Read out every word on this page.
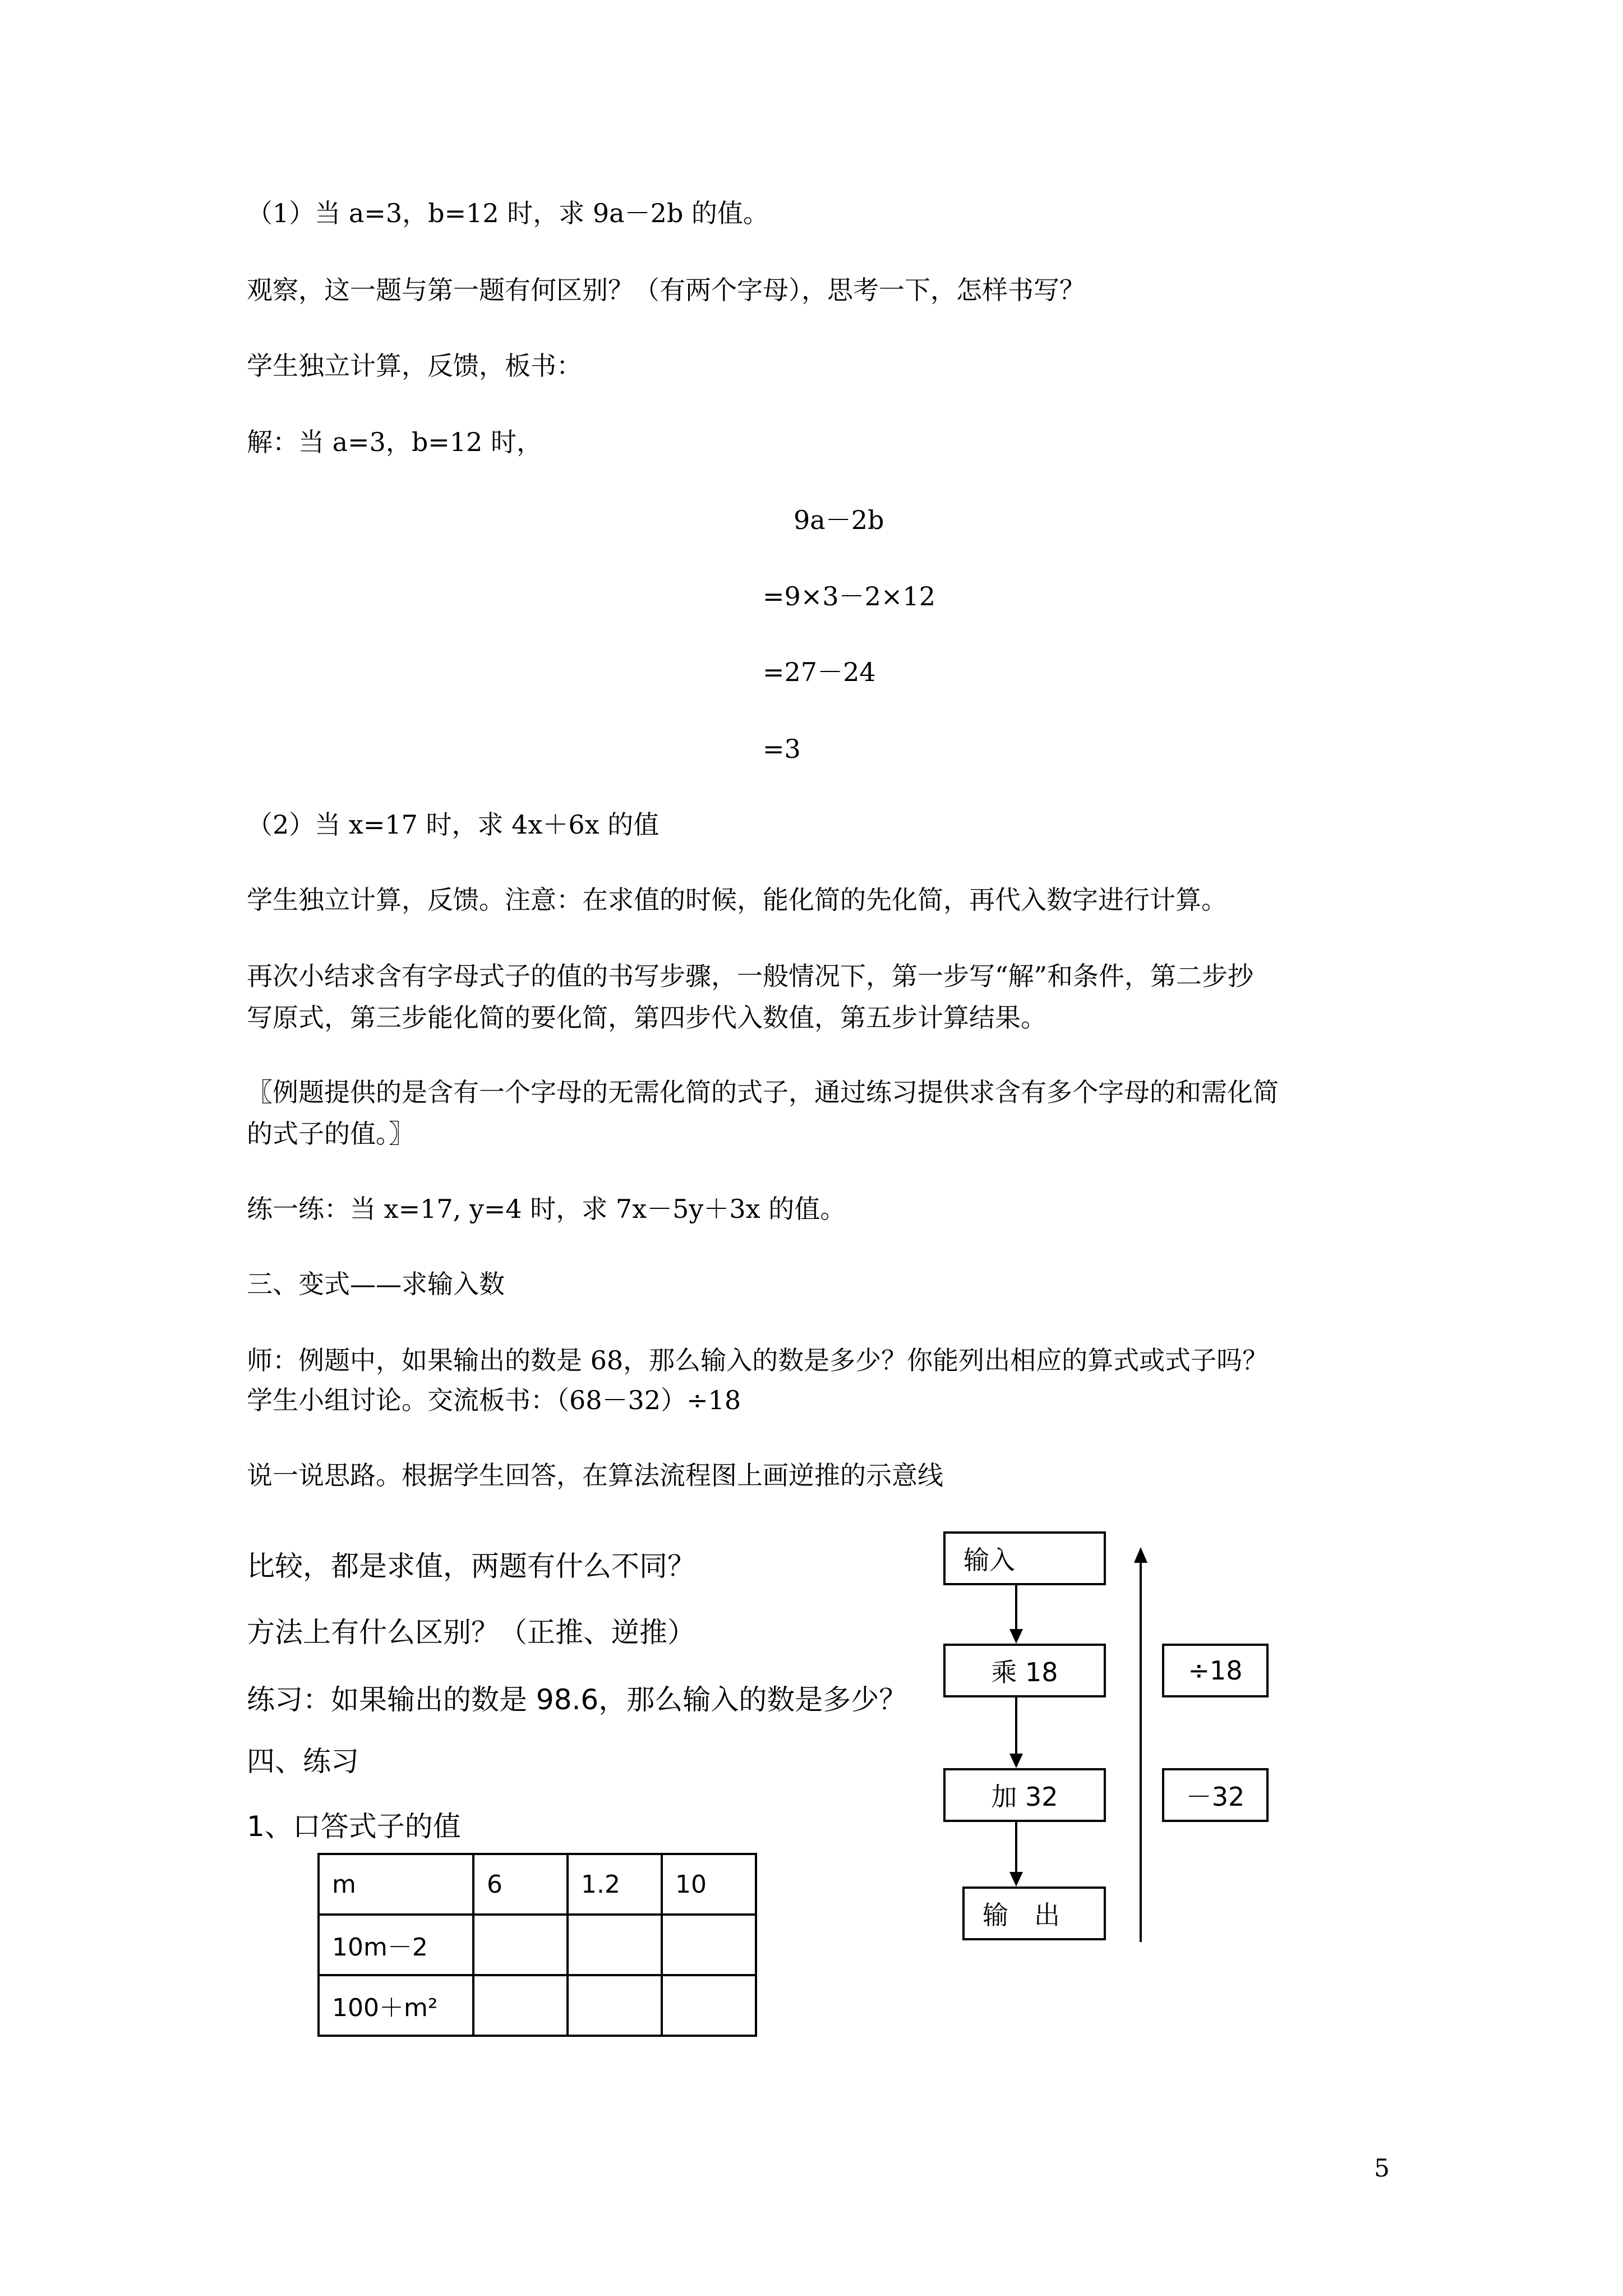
（1）当 a=3，b=12 时，求 9a－2b 的值。
观察，这一题与第一题有何区别？（有两个字母），思考一下，怎样书写？
学生独立计算，反馈，板书：
解：当 a=3，b=12 时，
9a－2b
=9×3－2×12
=27－24
=3
（2）当 x=17 时，求 4x＋6x 的值
学生独立计算，反馈。注意：在求值的时候，能化简的先化简，再代入数字进行计算。
再次小结求含有字母式子的值的书写步骤，一般情况下，第一步写“解”和条件，第二步抄
写原式，第三步能化简的要化简，第四步代入数值，第五步计算结果。
〖例题提供的是含有一个字母的无需化简的式子，通过练习提供求含有多个字母的和需化简
的式子的值。〗
练一练：当 x=17, y=4 时，求 7x－5y＋3x 的值。
三、变式——求输入数
师：例题中，如果输出的数是 68，那么输入的数是多少？你能列出相应的算式或式子吗？
学生小组讨论。交流板书：（68－32）÷18
说一说思路。根据学生回答，在算法流程图上画逆推的示意线
比较，都是求值，两题有什么不同？
方法上有什么区别？（正推、逆推）
练习：如果输出的数是 98.6，那么输入的数是多少？
四、练习
1、口答式子的值
m	6	1.2	10
10m－2			
100＋m²			
输入
乘 18
加 32
输　出
÷18
－32
5
